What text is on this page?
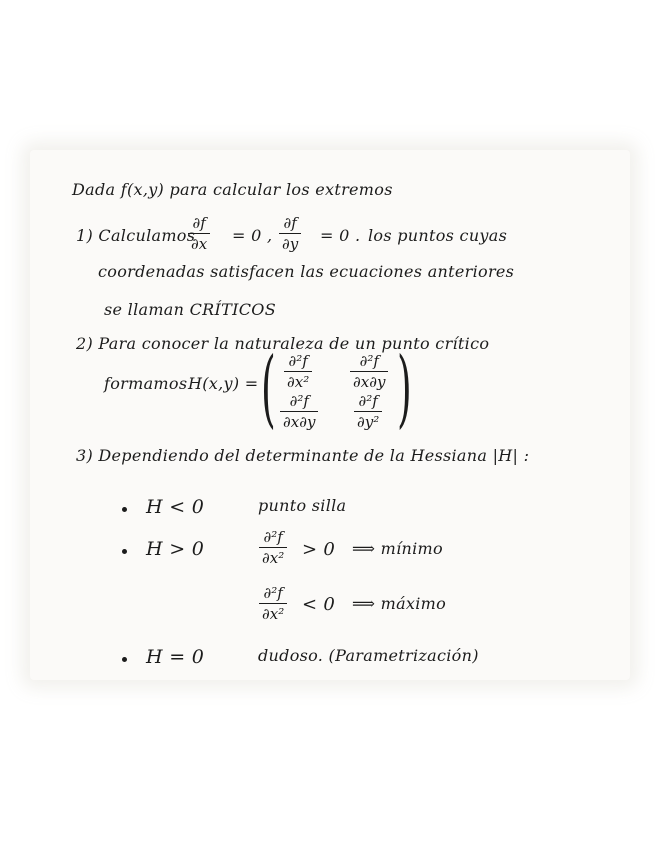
Dada f(x,y) para calcular los extremos
1) Calculamos
∂f
∂x = 0 ,
∂f
∂y = 0 . los puntos cuyas
coordenadas satisfacen las ecuaciones anteriores
se llaman CRÍTICOS
2) Para conocer la naturaleza de un punto crítico
formamos H(x,y) = ( ∂²f
∂x²
∂²f
∂x∂y
∂²f
∂x∂y
∂²f
∂y² )
3) Dependiendo del determinante de la Hessiana |H| :
H < 0	punto silla
H > 0
∂²f
∂x² > 0 ⟹ mínimo
∂²f
∂x² < 0 ⟹ máximo
H = 0	dudoso. (Parametrización)
